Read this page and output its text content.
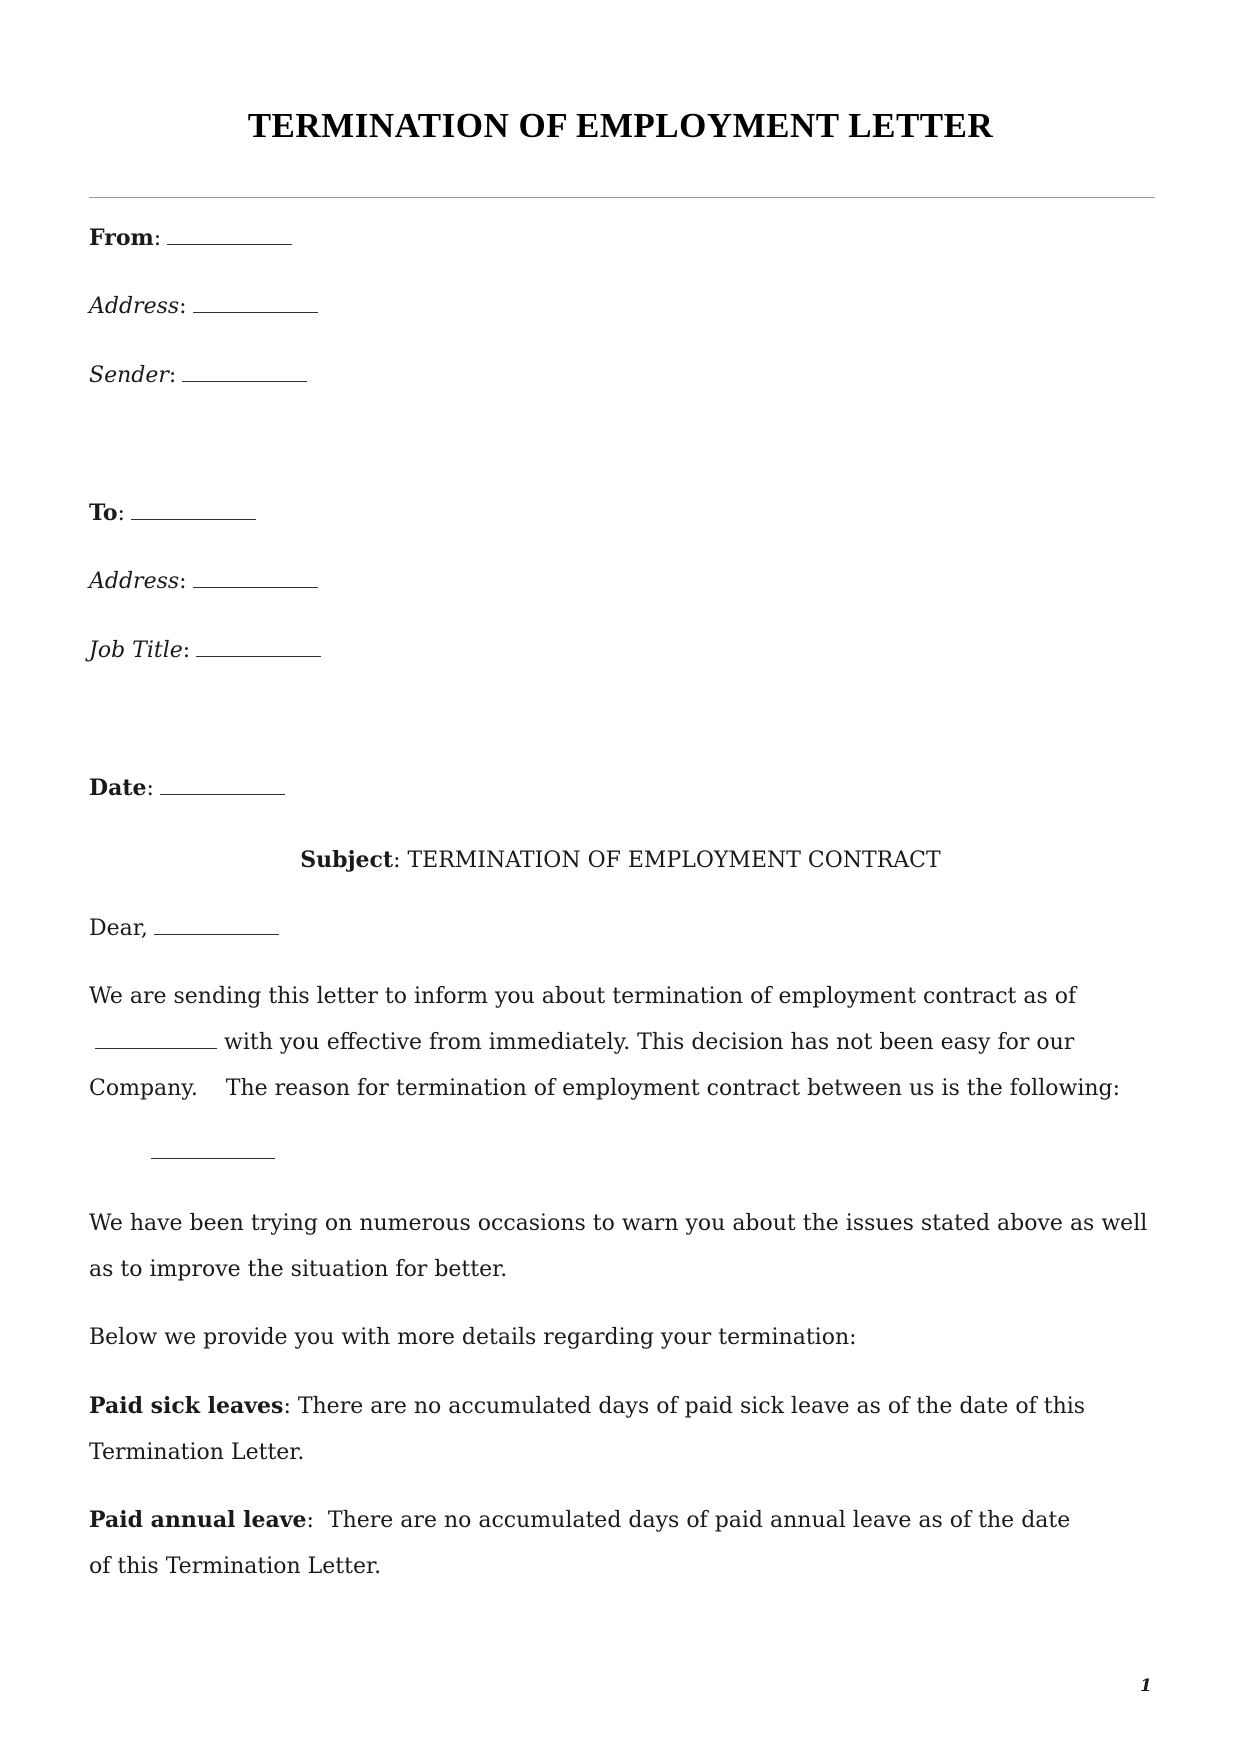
TERMINATION OF EMPLOYMENT LETTER
From:
Address:
Sender:
To:
Address:
Job Title:
Date:
Subject: TERMINATION OF EMPLOYMENT CONTRACT
Dear,
We are sending this letter to inform you about termination of employment contract as of with you effective from immediately. This decision has not been easy for our Company.    The reason for termination of employment contract between us is the following:
We have been trying on numerous occasions to warn you about the issues stated above as well as to improve the situation for better.
Below we provide you with more details regarding your termination:
Paid sick leaves: There are no accumulated days of paid sick leave as of the date of this Termination Letter.
Paid annual leave:  There are no accumulated days of paid annual leave as of the date of this Termination Letter.
1
